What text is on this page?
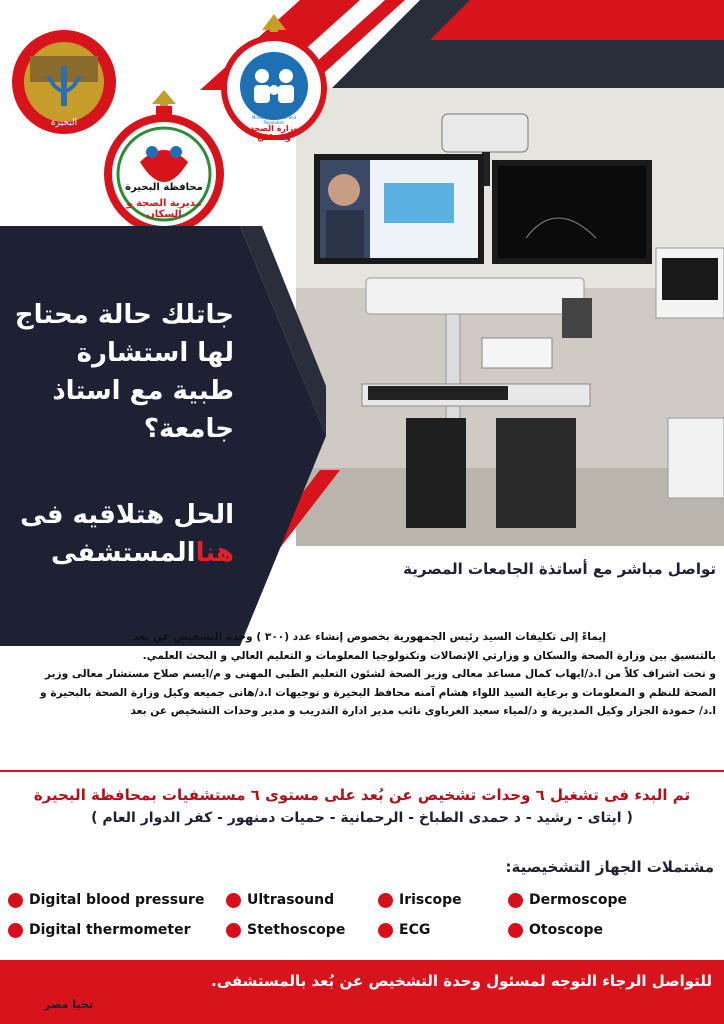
تواصل مباشر مع أساتذة الجامعات المصرية
جاتلك حالة محتاج
لها استشارة
طبية مع استاذ
جامعة؟
الحل هتلاقيه فى
هناالمستشفى
Ministry of Health and Population
وزارة الصحة والسكان
محافظة البحيرة
مديرية الصحة و السكان
البحيرة
إيماءً إلى تكليفات السيد رئيس الجمهورية بخصوص إنشاء عدد (٣٠٠ ) وحدة التشخيص عن بعد
بالتنسيق بين وزارة الصحة والسكان و وزارتي الإتصالات وتكنولوجيا المعلومات و التعليم العالي و البحث العلمي.
و تحت اشراف كلاً من ا.د/ايهاب كمال مساعد معالى وزير الصحة لشئون التعليم الطبى المهنى و م/ايسم صلاح مستشار معالى وزير
الصحة للنظم و المعلومات و برعاية السيد اللواء هشام آمنه محافظ البحيرة و توجيهات ا.د/هانى جميعه وكيل وزارة الصحة بالبحيرة و
ا.د/ حمودة الجزار وكيل المديرية و د/لمياء سعيد الغرباوى نائب مدير ادارة التدريب و مدير وحدات التشخيص عن بعد
تم البدء فى تشغيل ٦ وحدات تشخيص عن بُعد على مستوى ٦ مستشفيات بمحافظة البحيرة
( ايتاى - رشيد - د حمدى الطباخ - الرحمانية - حميات دمنهور - كفر الدوار العام )
مشتملات الجهاز التشخيصية:
Digital blood pressure	Ultrasound	Iriscope	Dermoscope
Digital thermometer	Stethoscope	ECG	Otoscope
للتواصل الرجاء التوجه لمسئول وحدة التشخيص عن بُعد بالمستشفى.
تحيا مصر
